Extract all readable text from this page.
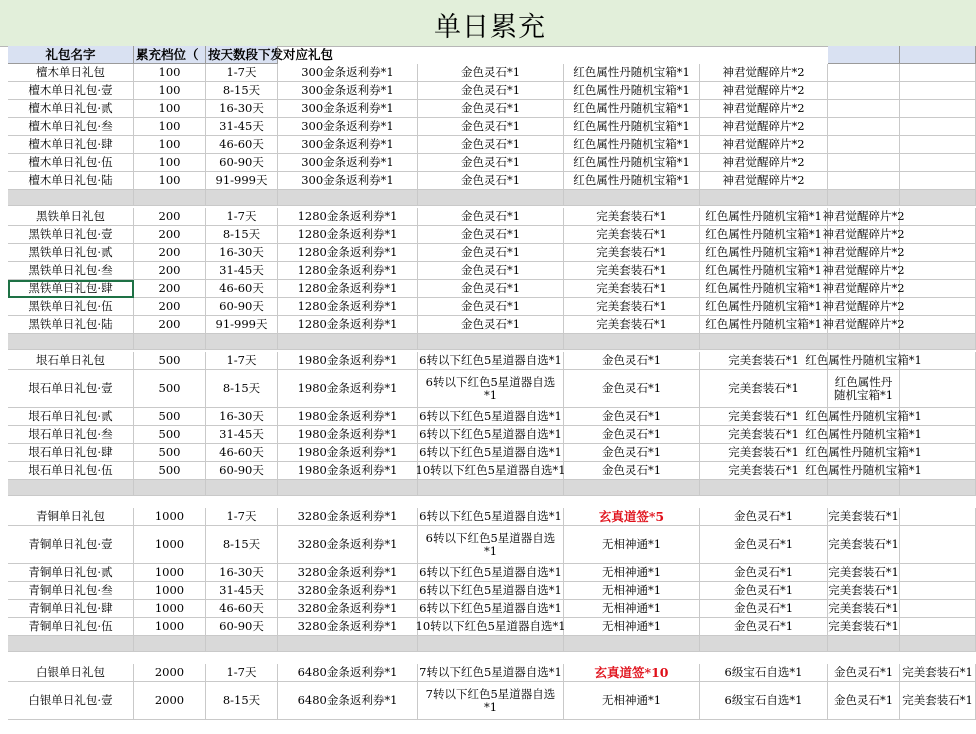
单日累充
礼包名字	累充档位（ 按天数段下发对应礼包
檀木单日礼包	100	1-7天	300金条返利券*1	金色灵石*1	红色属性丹随机宝箱*1	神君觉醒碎片*2
檀木单日礼包·壹	100	8-15天	300金条返利券*1	金色灵石*1	红色属性丹随机宝箱*1	神君觉醒碎片*2
檀木单日礼包·贰	100	16-30天	300金条返利券*1	金色灵石*1	红色属性丹随机宝箱*1	神君觉醒碎片*2
檀木单日礼包·叁	100	31-45天	300金条返利券*1	金色灵石*1	红色属性丹随机宝箱*1	神君觉醒碎片*2
檀木单日礼包·肆	100	46-60天	300金条返利券*1	金色灵石*1	红色属性丹随机宝箱*1	神君觉醒碎片*2
檀木单日礼包·伍	100	60-90天	300金条返利券*1	金色灵石*1	红色属性丹随机宝箱*1	神君觉醒碎片*2
檀木单日礼包·陆	100	91-999天	300金条返利券*1	金色灵石*1	红色属性丹随机宝箱*1	神君觉醒碎片*2
黑铁单日礼包	200	1-7天	1280金条返利券*1	金色灵石*1	完美套装石*1	红色属性丹随机宝箱*1 神君觉醒碎片*2
黑铁单日礼包·壹	200	8-15天	1280金条返利券*1	金色灵石*1	完美套装石*1	红色属性丹随机宝箱*1 神君觉醒碎片*2
黑铁单日礼包·贰	200	16-30天	1280金条返利券*1	金色灵石*1	完美套装石*1	红色属性丹随机宝箱*1 神君觉醒碎片*2
黑铁单日礼包·叁	200	31-45天	1280金条返利券*1	金色灵石*1	完美套装石*1	红色属性丹随机宝箱*1 神君觉醒碎片*2
黑铁单日礼包·肆	200	46-60天	1280金条返利券*1	金色灵石*1	完美套装石*1	红色属性丹随机宝箱*1 神君觉醒碎片*2
黑铁单日礼包·伍	200	60-90天	1280金条返利券*1	金色灵石*1	完美套装石*1	红色属性丹随机宝箱*1 神君觉醒碎片*2
黑铁单日礼包·陆	200	91-999天	1280金条返利券*1	金色灵石*1	完美套装石*1	红色属性丹随机宝箱*1 神君觉醒碎片*2
垠石单日礼包	500	1-7天	1980金条返利券*1	6转以下红色5星道器自选*1	金色灵石*1	完美套装石*1 红色属性丹随机宝箱*1
垠石单日礼包·壹	500	8-15天	1980金条返利券*1	6转以下红色5星道器自选*1	金色灵石*1	完美套装石*1	红色属性丹随机宝箱*1
垠石单日礼包·贰	500	16-30天	1980金条返利券*1	6转以下红色5星道器自选*1	金色灵石*1	完美套装石*1 红色属性丹随机宝箱*1
垠石单日礼包·叁	500	31-45天	1980金条返利券*1	6转以下红色5星道器自选*1	金色灵石*1	完美套装石*1 红色属性丹随机宝箱*1
垠石单日礼包·肆	500	46-60天	1980金条返利券*1	6转以下红色5星道器自选*1	金色灵石*1	完美套装石*1 红色属性丹随机宝箱*1
垠石单日礼包·伍	500	60-90天	1980金条返利券*1	10转以下红色5星道器自选*1	金色灵石*1	完美套装石*1 红色属性丹随机宝箱*1
青铜单日礼包	1000	1-7天	3280金条返利券*1	6转以下红色5星道器自选*1	玄真道签*5	金色灵石*1	完美套装石*1
青铜单日礼包·壹	1000	8-15天	3280金条返利券*1	6转以下红色5星道器自选*1	无相神通*1	金色灵石*1	完美套装石*1
青铜单日礼包·贰	1000	16-30天	3280金条返利券*1	6转以下红色5星道器自选*1	无相神通*1	金色灵石*1	完美套装石*1
青铜单日礼包·叁	1000	31-45天	3280金条返利券*1	6转以下红色5星道器自选*1	无相神通*1	金色灵石*1	完美套装石*1
青铜单日礼包·肆	1000	46-60天	3280金条返利券*1	6转以下红色5星道器自选*1	无相神通*1	金色灵石*1	完美套装石*1
青铜单日礼包·伍	1000	60-90天	3280金条返利券*1	10转以下红色5星道器自选*1	无相神通*1	金色灵石*1	完美套装石*1
白银单日礼包	2000	1-7天	6480金条返利券*1	7转以下红色5星道器自选*1	玄真道签*10	6级宝石自选*1	金色灵石*1 完美套装石*1
白银单日礼包·壹	2000	8-15天	6480金条返利券*1	7转以下红色5星道器自选*1	无相神通*1	6级宝石自选*1	金色灵石*1 完美套装石*1
